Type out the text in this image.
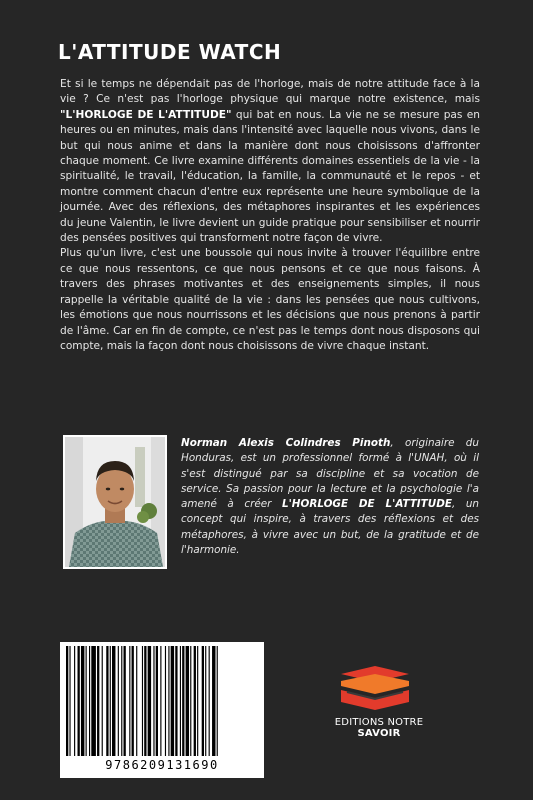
L'ATTITUDE WATCH

Et si le temps ne dépendait pas de l'horloge, mais de notre attitude face à la vie ? Ce n'est pas l'horloge physique qui marque notre existence, mais "L'HORLOGE DE L'ATTITUDE" qui bat en nous. La vie ne se mesure pas en heures ou en minutes, mais dans l'intensité avec laquelle nous vivons, dans le but qui nous anime et dans la manière dont nous choisissons d'affronter chaque moment. Ce livre examine différents domaines essentiels de la vie - la spiritualité, le travail, l'éducation, la famille, la communauté et le repos - et montre comment chacun d'entre eux représente une heure symbolique de la journée. Avec des réflexions, des métaphores inspirantes et les expériences du jeune Valentin, le livre devient un guide pratique pour sensibiliser et nourrir des pensées positives qui transforment notre façon de vivre.

Plus qu'un livre, c'est une boussole qui nous invite à trouver l'équilibre entre ce que nous ressentons, ce que nous pensons et ce que nous faisons. À travers des phrases motivantes et des enseignements simples, il nous rappelle la véritable qualité de la vie : dans les pensées que nous cultivons, les émotions que nous nourrissons et les décisions que nous prenons à partir de l'âme. Car en fin de compte, ce n'est pas le temps dont nous disposons qui compte, mais la façon dont nous choisissons de vivre chaque instant.

Norman Alexis Colindres Pinoth, originaire du Honduras, est un professionnel formé à l'UNAH, où il s'est distingué par sa discipline et sa vocation de service. Sa passion pour la lecture et la psychologie l'a amené à créer L'HORLOGE DE L'ATTITUDE, un concept qui inspire, à travers des réflexions et des métaphores, à vivre avec un but, de la gratitude et de l'harmonie.
9786209131690
EDITIONS NOTRE SAVOIR
